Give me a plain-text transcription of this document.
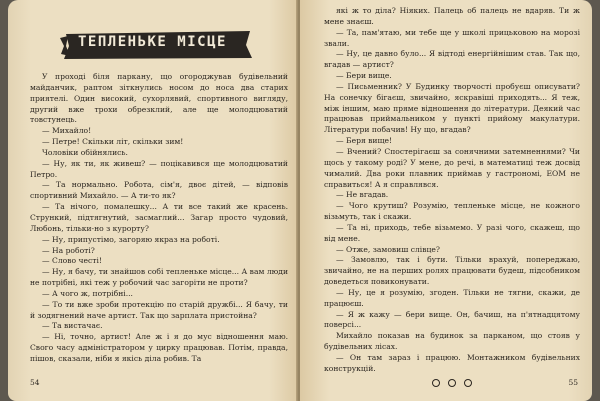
ТЕПЛЕНЬКЕ МІСЦЕ

У проході біля паркану, що огороджував будівельний майданчик, раптом зіткнулись носом до носа два старих приятелі. Один високий, сухорлявий, спортивного вигляду, другий вже трохи обрезклий, але ще молодцюватий товстунець.

— Михайло!

— Петре! Скільки літ, скільки зим!

Чоловіки обійнялись.

— Ну, як ти, як живеш? — поцікавився ще молодцюватий Петро.

— Та нормально. Робота, сім'я, двоє дітей, — відповів спортивний Михайло. — А ти-то як?

— Та нічого, помалешку... А ти все такий же красень. Стрункий, підтягнутий, засмаглий... Загар просто чудовий, Любонь, тільки-но з курорту?

— Ну, припустімо, загоряю якраз на роботі.

— На роботі?

— Слово честі!

— Ну, я бачу, ти знайшов собі тепленьке місце... А вам люди не потрібні, які теж у робочий час загоріти не проти?

— А чого ж, потрібні...

— То ти вже зроби протекцію по старій дружбі... Я бачу, ти й зодягнений наче артист. Так що зарплата пристойна?

— Та вистачає.

— Ні, точно, артист! Але ж і я до мус відношення маю. Свого часу адміністратором у цирку працював. Потім, правда, пішов, сказали, ніби я якісь діла робив. Та

54

які ж то діла? Ніяких. Палець об палець не вдаряв. Ти ж мене знаєш.

— Та, пам'ятаю, ми тебе ще у школі прицьковою на морозі звали.

— Ну, це давно було... Я відтоді енергійнішим став. Так що, вгадав — артист?

— Бери вище.

— Письменник? У Будинку творчості пробуєш описувати? На сонечку бігаєш, звичайно, яскравіші приходять... Я теж, між іншим, маю пряме відношення до літератури. Деякий час працював приймальником у пункті прийому макулатури. Літератури побачив! Ну що, вгадав?

— Беря вище!

— Вчений? Спостерігаєш за сонячними затемненнями? Чи щось у такому роді? У мене, до речі, в математиці теж досвід чималий. Два роки плавник приймав у гастрономі, ЕОМ не справиться! А я справлявся.

— Не вгадав.

— Чого крутиш? Розумію, тепленьке місце, не кожного візьмуть, так і скажи.

— Та ні, приходь, тебе візьмемо. У разі чого, скажеш, що від мене.

— Отже, замовиш слівце?

— Замовлю, так і бути. Тільки врахуй, попереджаю, звичайно, не на перших ролях працювати будеш, підсобником доведеться повиконувати.

— Ну, це я розумію, згоден. Тільки не тягни, скажи, де працюєш.

— Я ж кажу — бери вище. Он, бачиш, на п'ятнадцятому поверсі...

Михайло показав на будинок за парканом, що стояв у будівельних лісах.

— Он там зараз і працюю. Монтажником будівельних конструкцій.

55
